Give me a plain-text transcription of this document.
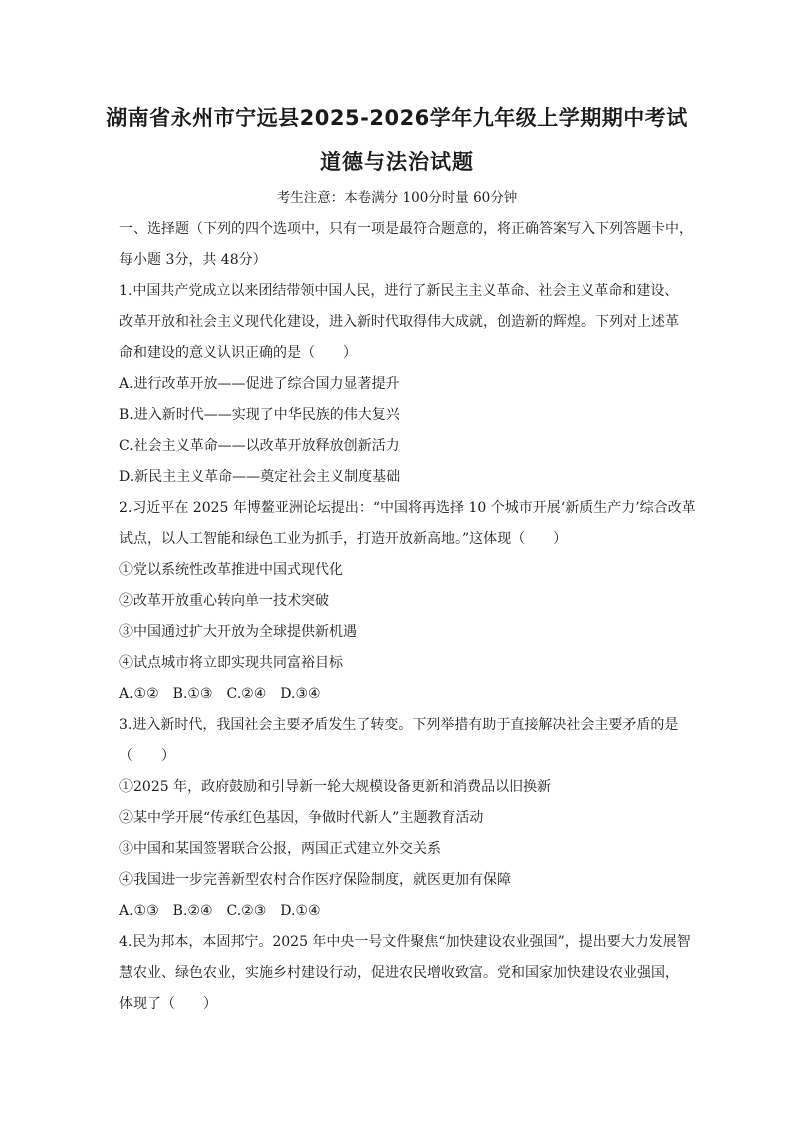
湖南省永州市宁远县2025-2026学年九年级上学期期中考试
道德与法治试题
考生注意：本卷满分 100分时量 60分钟
一、选择题（下列的四个选项中，只有一项是最符合题意的，将正确答案写入下列答题卡中，
每小题 3分，共 48分）
1.中国共产党成立以来团结带领中国人民，进行了新民主主义革命、社会主义革命和建设、
改革开放和社会主义现代化建设，进入新时代取得伟大成就，创造新的辉煌。下列对上述革
命和建设的意义认识正确的是（　　）
A.进行改革开放——促进了综合国力显著提升
B.进入新时代——实现了中华民族的伟大复兴
C.社会主义革命——以改革开放释放创新活力
D.新民主主义革命——奠定社会主义制度基础
2.习近平在 2025 年博鳌亚洲论坛提出：“中国将再选择 10 个城市开展‘新质生产力’综合改革
试点，以人工智能和绿色工业为抓手，打造开放新高地。”这体现（　　）
①党以系统性改革推进中国式现代化
②改革开放重心转向单一技术突破
③中国通过扩大开放为全球提供新机遇
④试点城市将立即实现共同富裕目标
A.①②　B.①③　C.②④　D.③④
3.进入新时代，我国社会主要矛盾发生了转变。下列举措有助于直接解决社会主要矛盾的是
（　　）
①2025 年，政府鼓励和引导新一轮大规模设备更新和消费品以旧换新
②某中学开展“传承红色基因，争做时代新人”主题教育活动
③中国和某国签署联合公报，两国正式建立外交关系
④我国进一步完善新型农村合作医疗保险制度，就医更加有保障
A.①③　B.②④　C.②③　D.①④
4.民为邦本，本固邦宁。2025 年中央一号文件聚焦“加快建设农业强国”，提出要大力发展智
慧农业、绿色农业，实施乡村建设行动，促进农民增收致富。党和国家加快建设农业强国，
体现了（　　）
